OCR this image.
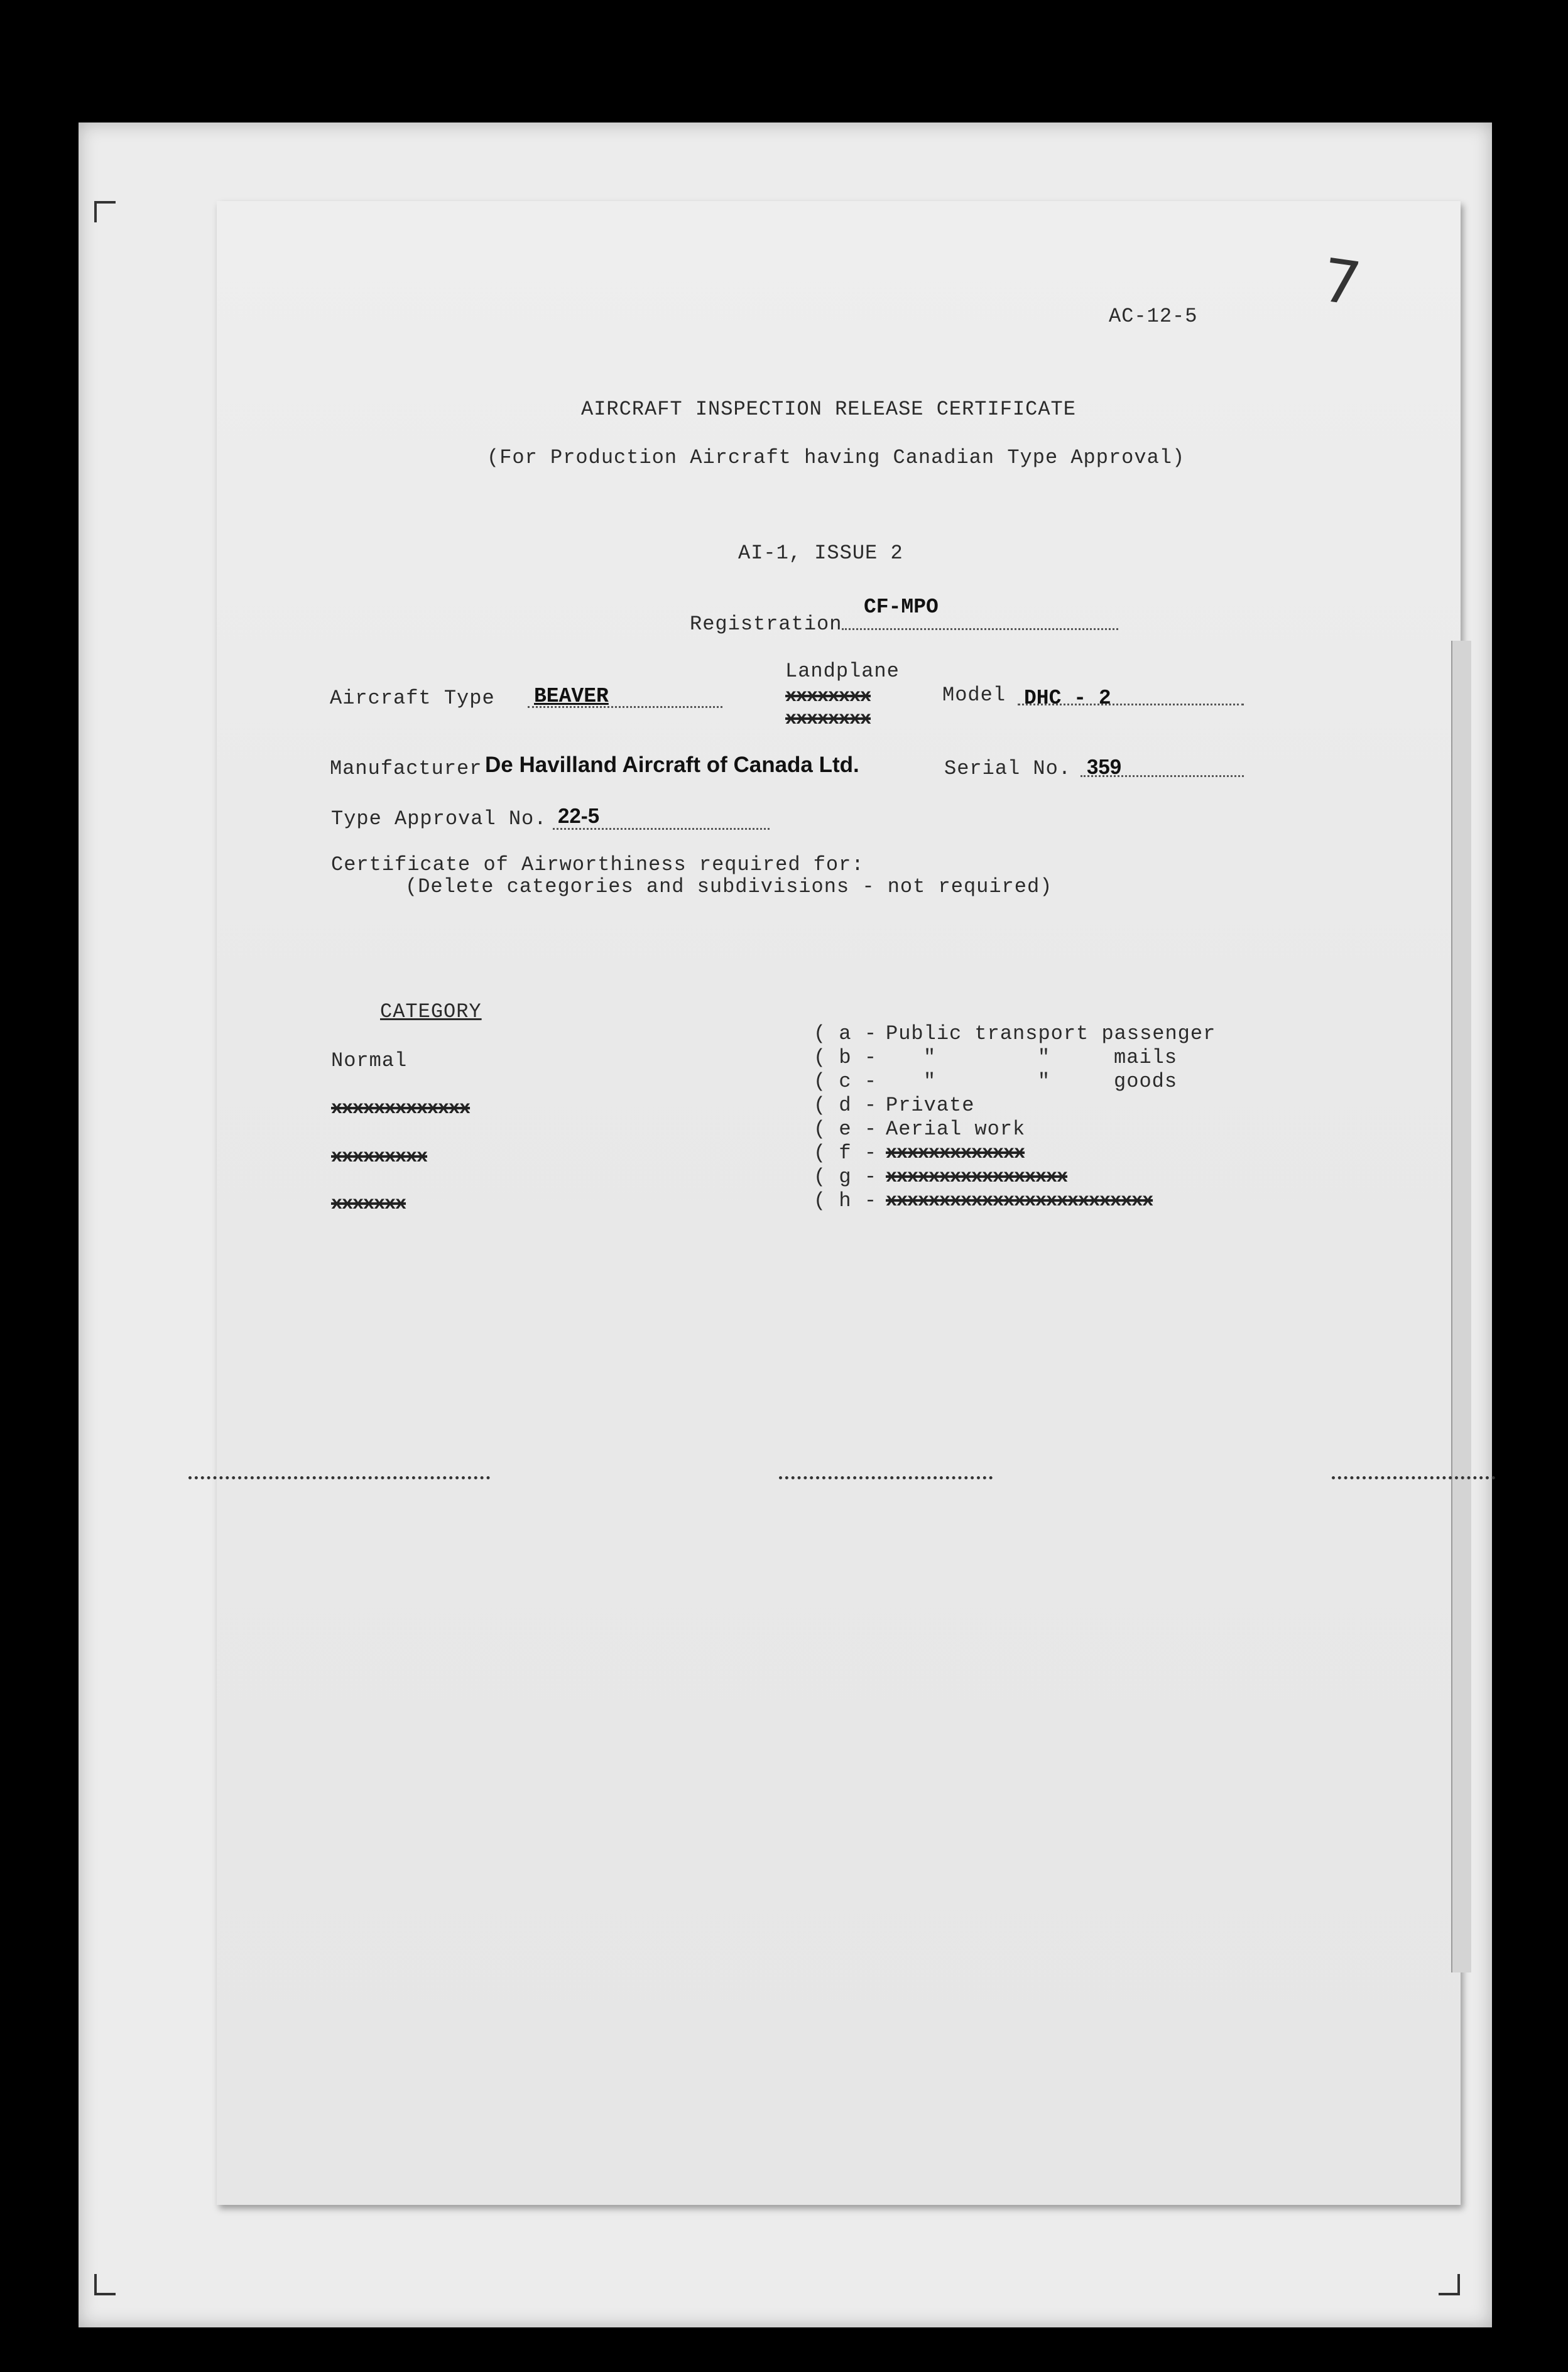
7
AC-12-5
AIRCRAFT INSPECTION RELEASE CERTIFICATE
(For Production Aircraft having Canadian Type Approval)
AI-1, ISSUE 2
Registration
CF-MPO
Landplane
xxxxxxxx
xxxxxxxx
Aircraft Type BEAVER	Model DHC - 2
Manufacturer De Havilland Aircraft of Canada Ltd.	Serial No. 359
Type Approval No. 22-5
Certificate of Airworthiness required for:
(Delete categories and subdivisions - not required)
CATEGORY
Normal
xxxxxxxxxxxxx
xxxxxxxxx
xxxxxxx
( a - Public transport passenger
( b - "        "     mails
( c - "        "     goods
( d - Private
( e - Aerial work
( f - xxxxxxxxxxxxx
( g - xxxxxxxxxxxxxxxxx
( h - xxxxxxxxxxxxxxxxxxxxxxxxx
